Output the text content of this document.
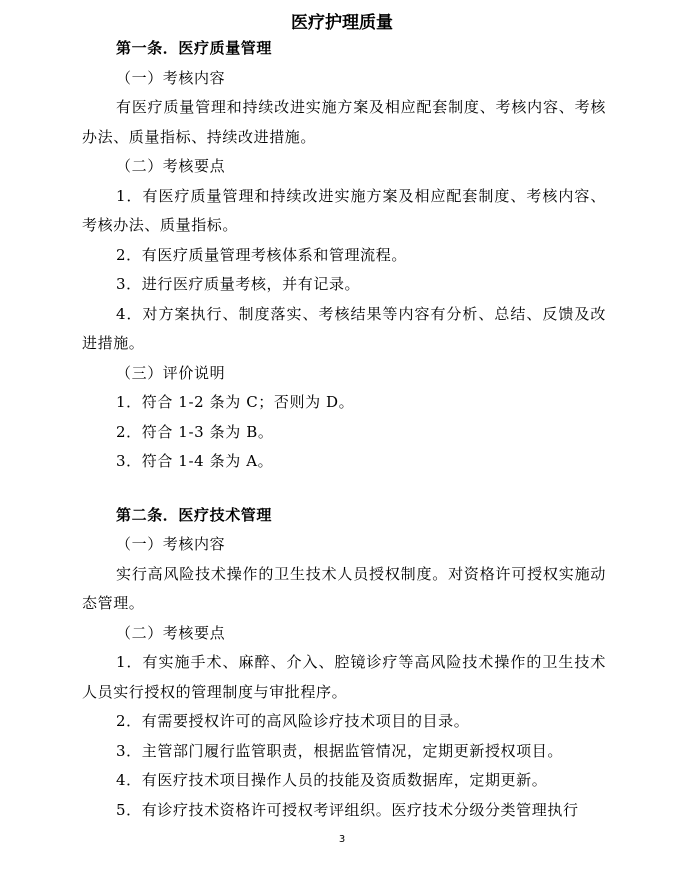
医疗护理质量
第一条．医疗质量管理
（一）考核内容

有医疗质量管理和持续改进实施方案及相应配套制度、考核内容、考核办法、质量指标、持续改进措施。

（二）考核要点

1．有医疗质量管理和持续改进实施方案及相应配套制度、考核内容、考核办法、质量指标。

2．有医疗质量管理考核体系和管理流程。

3．进行医疗质量考核，并有记录。

4．对方案执行、制度落实、考核结果等内容有分析、总结、反馈及改进措施。

（三）评价说明

1．符合 1-2 条为 C；否则为 D。

2．符合 1-3 条为 B。

3．符合 1-4 条为 A。

第二条．医疗技术管理
（一）考核内容

实行高风险技术操作的卫生技术人员授权制度。对资格许可授权实施动态管理。

（二）考核要点

1．有实施手术、麻醉、介入、腔镜诊疗等高风险技术操作的卫生技术人员实行授权的管理制度与审批程序。

2．有需要授权许可的高风险诊疗技术项目的目录。

3．主管部门履行监管职责，根据监管情况，定期更新授权项目。

4．有医疗技术项目操作人员的技能及资质数据库，定期更新。

5．有诊疗技术资格许可授权考评组织。医疗技术分级分类管理执行

3
